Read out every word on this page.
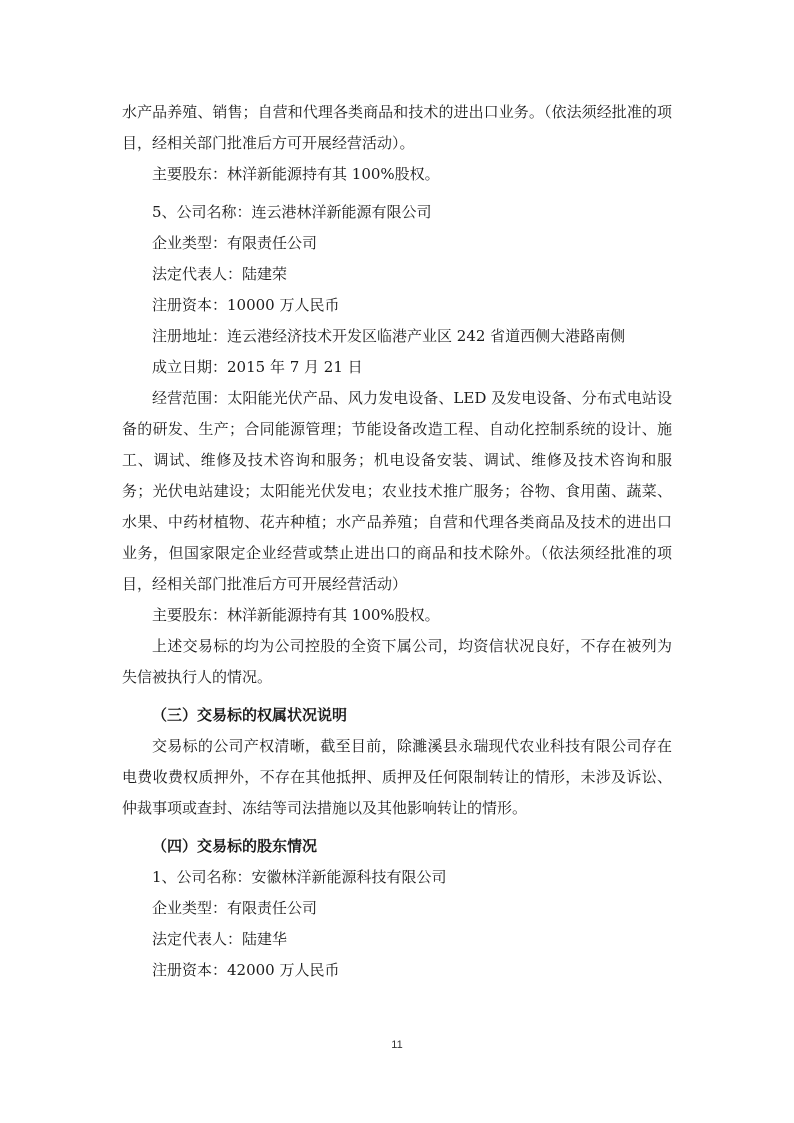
水产品养殖、销售；自营和代理各类商品和技术的进出口业务。（依法须经批准的项目，经相关部门批准后方可开展经营活动）。

主要股东：林洋新能源持有其 100%股权。

5、公司名称：连云港林洋新能源有限公司

企业类型：有限责任公司

法定代表人：陆建荣

注册资本：10000 万人民币

注册地址：连云港经济技术开发区临港产业区 242 省道西侧大港路南侧

成立日期：2015 年 7 月 21 日

经营范围：太阳能光伏产品、风力发电设备、LED 及发电设备、分布式电站设备的研发、生产；合同能源管理；节能设备改造工程、自动化控制系统的设计、施工、调试、维修及技术咨询和服务；机电设备安装、调试、维修及技术咨询和服务；光伏电站建设；太阳能光伏发电；农业技术推广服务；谷物、食用菌、蔬菜、水果、中药材植物、花卉种植；水产品养殖；自营和代理各类商品及技术的进出口业务，但国家限定企业经营或禁止进出口的商品和技术除外。（依法须经批准的项目，经相关部门批准后方可开展经营活动）

主要股东：林洋新能源持有其 100%股权。

上述交易标的均为公司控股的全资下属公司，均资信状况良好，不存在被列为失信被执行人的情况。

（三）交易标的权属状况说明

交易标的公司产权清晰，截至目前，除濉溪县永瑞现代农业科技有限公司存在电费收费权质押外，不存在其他抵押、质押及任何限制转让的情形，未涉及诉讼、仲裁事项或查封、冻结等司法措施以及其他影响转让的情形。

（四）交易标的股东情况

1、公司名称：安徽林洋新能源科技有限公司

企业类型：有限责任公司

法定代表人：陆建华

注册资本：42000 万人民币

11
